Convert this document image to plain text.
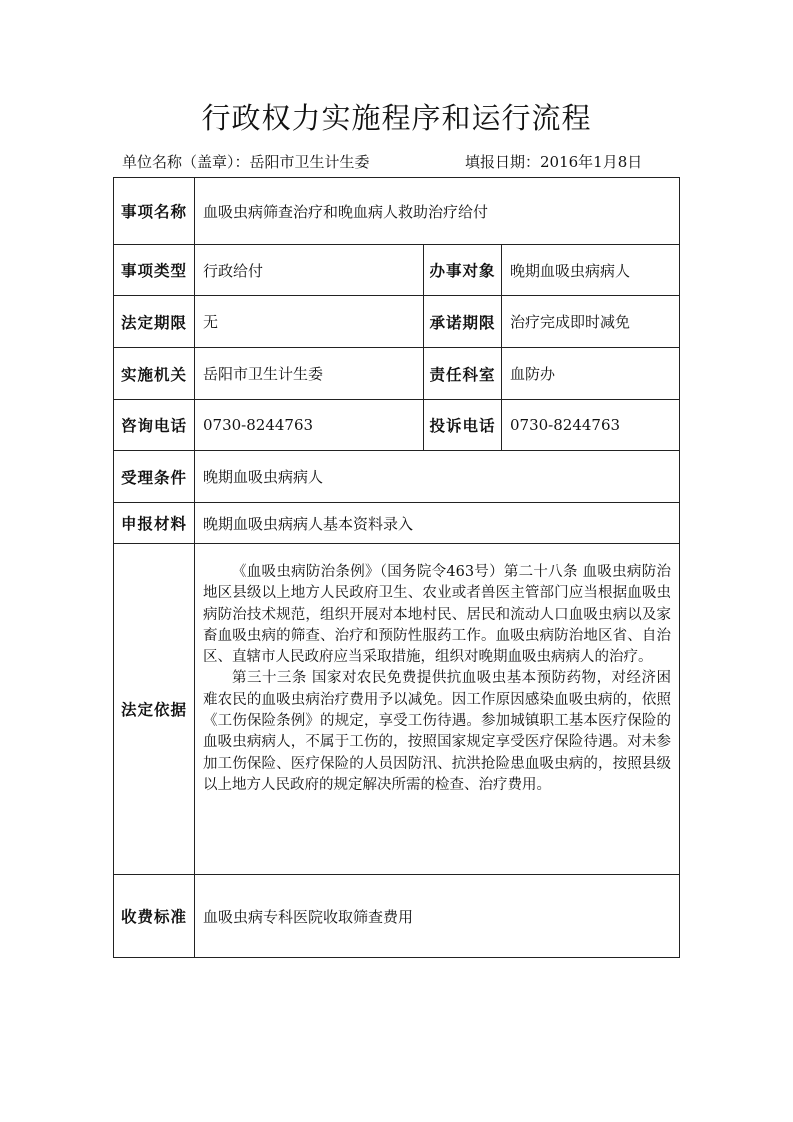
行政权力实施程序和运行流程
单位名称（盖章）：岳阳市卫生计生委	填报日期：2016年1月8日
事项名称	血吸虫病筛查治疗和晚血病人救助治疗给付
事项类型	行政给付	办事对象 晚期血吸虫病病人
法定期限	无	承诺期限 治疗完成即时减免
实施机关	岳阳市卫生计生委	责任科室 血防办
咨询电话	0730-8244763	投诉电话 0730-8244763
受理条件	晚期血吸虫病病人
申报材料	晚期血吸虫病病人基本资料录入
法定依据

《血吸虫病防治条例》（国务院令463号）第二十八条 血吸虫病防治地区县级以上地方人民政府卫生、农业或者兽医主管部门应当根据血吸虫病防治技术规范，组织开展对本地村民、居民和流动人口血吸虫病以及家畜血吸虫病的筛查、治疗和预防性服药工作。血吸虫病防治地区省、自治区、直辖市人民政府应当采取措施，组织对晚期血吸虫病病人的治疗。

第三十三条 国家对农民免费提供抗血吸虫基本预防药物，对经济困难农民的血吸虫病治疗费用予以减免。因工作原因感染血吸虫病的，依照《工伤保险条例》的规定，享受工伤待遇。参加城镇职工基本医疗保险的血吸虫病病人，不属于工伤的，按照国家规定享受医疗保险待遇。对未参加工伤保险、医疗保险的人员因防汛、抗洪抢险患血吸虫病的，按照县级以上地方人民政府的规定解决所需的检查、治疗费用。

收费标准	血吸虫病专科医院收取筛查费用
